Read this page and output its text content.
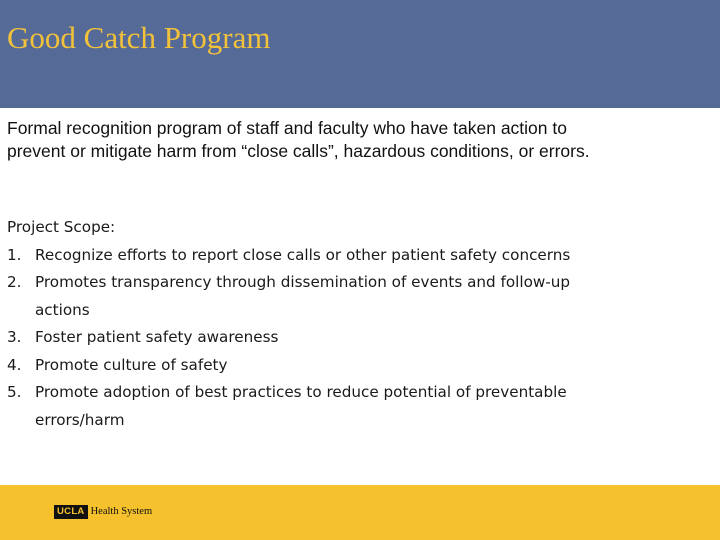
Good Catch Program
Formal recognition program of staff and faculty who have taken action to prevent or mitigate harm from “close calls”, hazardous conditions, or errors.
Project Scope:
1. Recognize efforts to report close calls or other patient safety concerns
2. Promotes transparency through dissemination of events and follow-up actions
3. Foster patient safety awareness
4. Promote culture of safety
5. Promote adoption of best practices to reduce potential of preventable errors/harm
UCLA Health System
